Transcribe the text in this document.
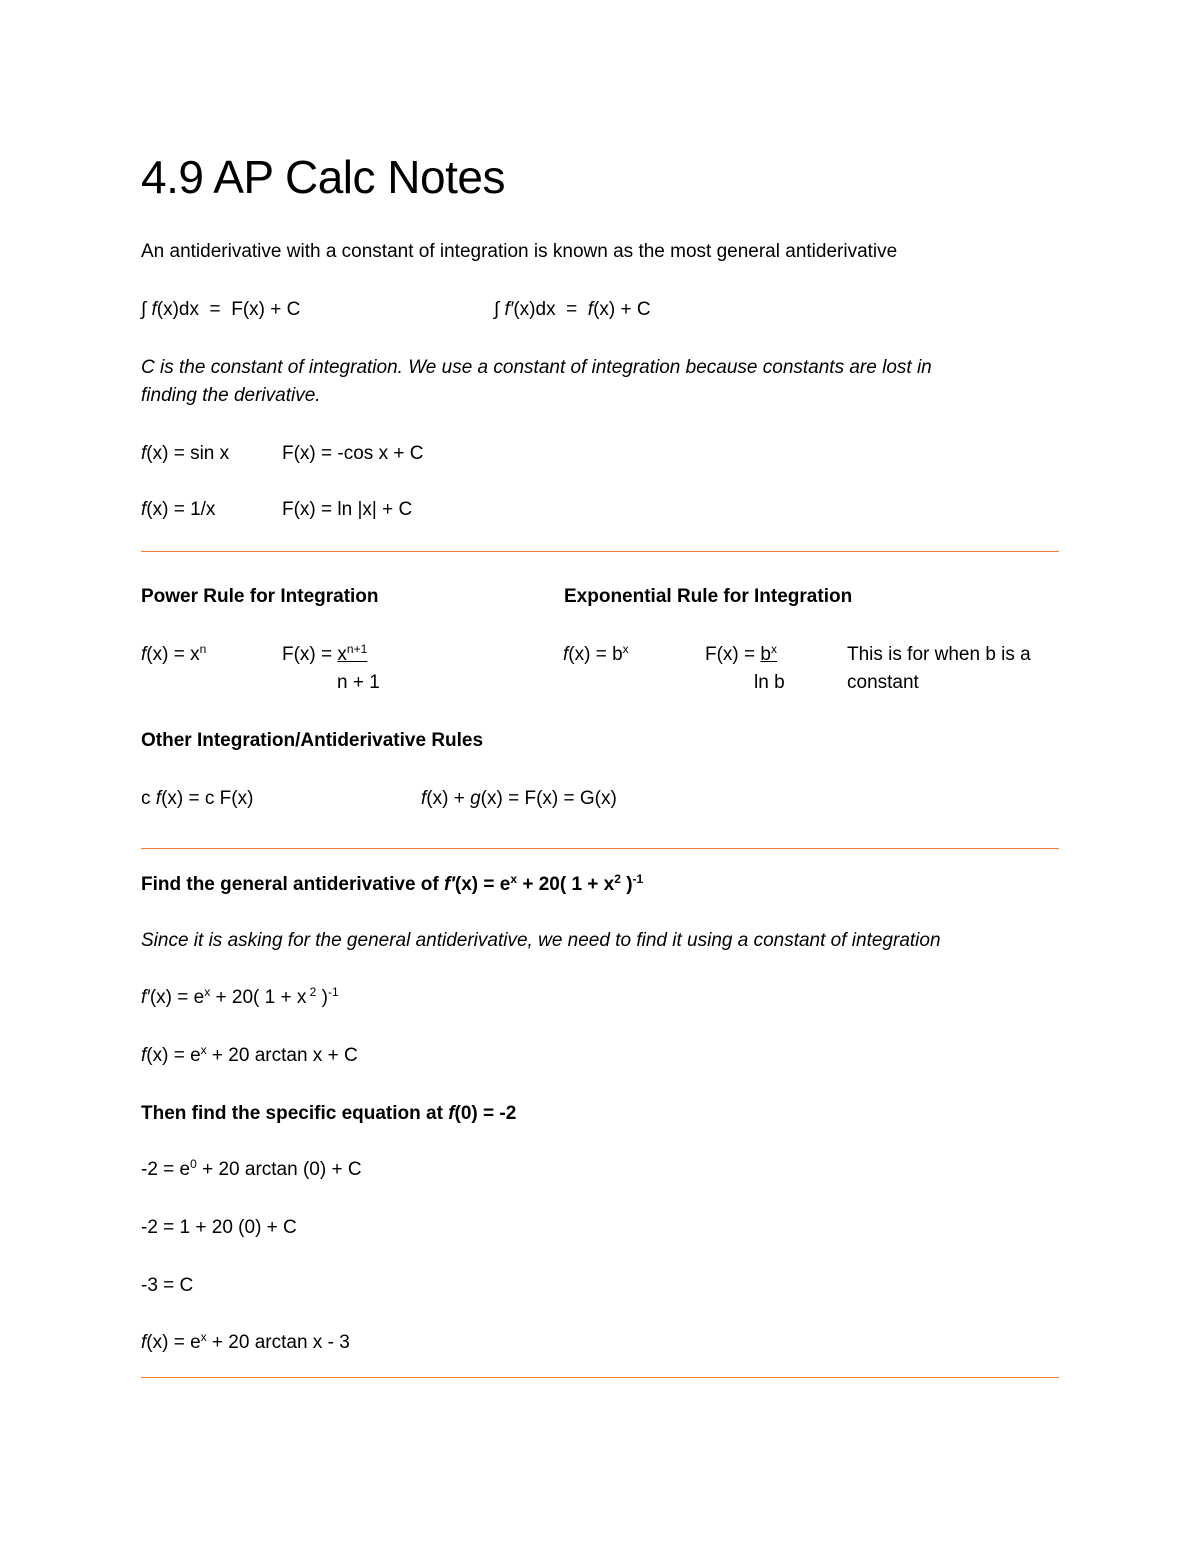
4.9 AP Calc Notes
An antiderivative with a constant of integration is known as the most general antiderivative
∫ f(x)dx  =  F(x) + C	∫ f′(x)dx  =  f(x) + C
C is the constant of integration. We use a constant of integration because constants are lost in
finding the derivative.
f(x) = sin x	F(x) = -cos x + C
f(x) = 1/x	F(x) = ln |x| + C
Power Rule for Integration
$f(x) = x^n$	$F(x) = x^{n+1}$
n + 1
Exponential Rule for Integration
$f(x) = b^x$	$F(x) = b^x$
ln b
This is for when b is a
constant
Other Integration/Antiderivative Rules
c f(x) = c F(x)	f(x) + g(x) = F(x) = G(x)
Find the general antiderivative of $f'(x) = e^x + 20$( $1 + x^2$ )$^{-1}$
Since it is asking for the general antiderivative, we need to find it using a constant of integration
$f'(x) = e^x + 20$( 1 + x $^2$ )$^{-1}$
$f(x) = e^x + 20$ arctan x + C
Then find the specific equation at f(0) = -2
$-2 = e^0 + 20$ arctan (0) + C
-2 = 1 + 20 (0) + C
-3 = C
$f(x) = e^x + 20$ arctan x - 3
